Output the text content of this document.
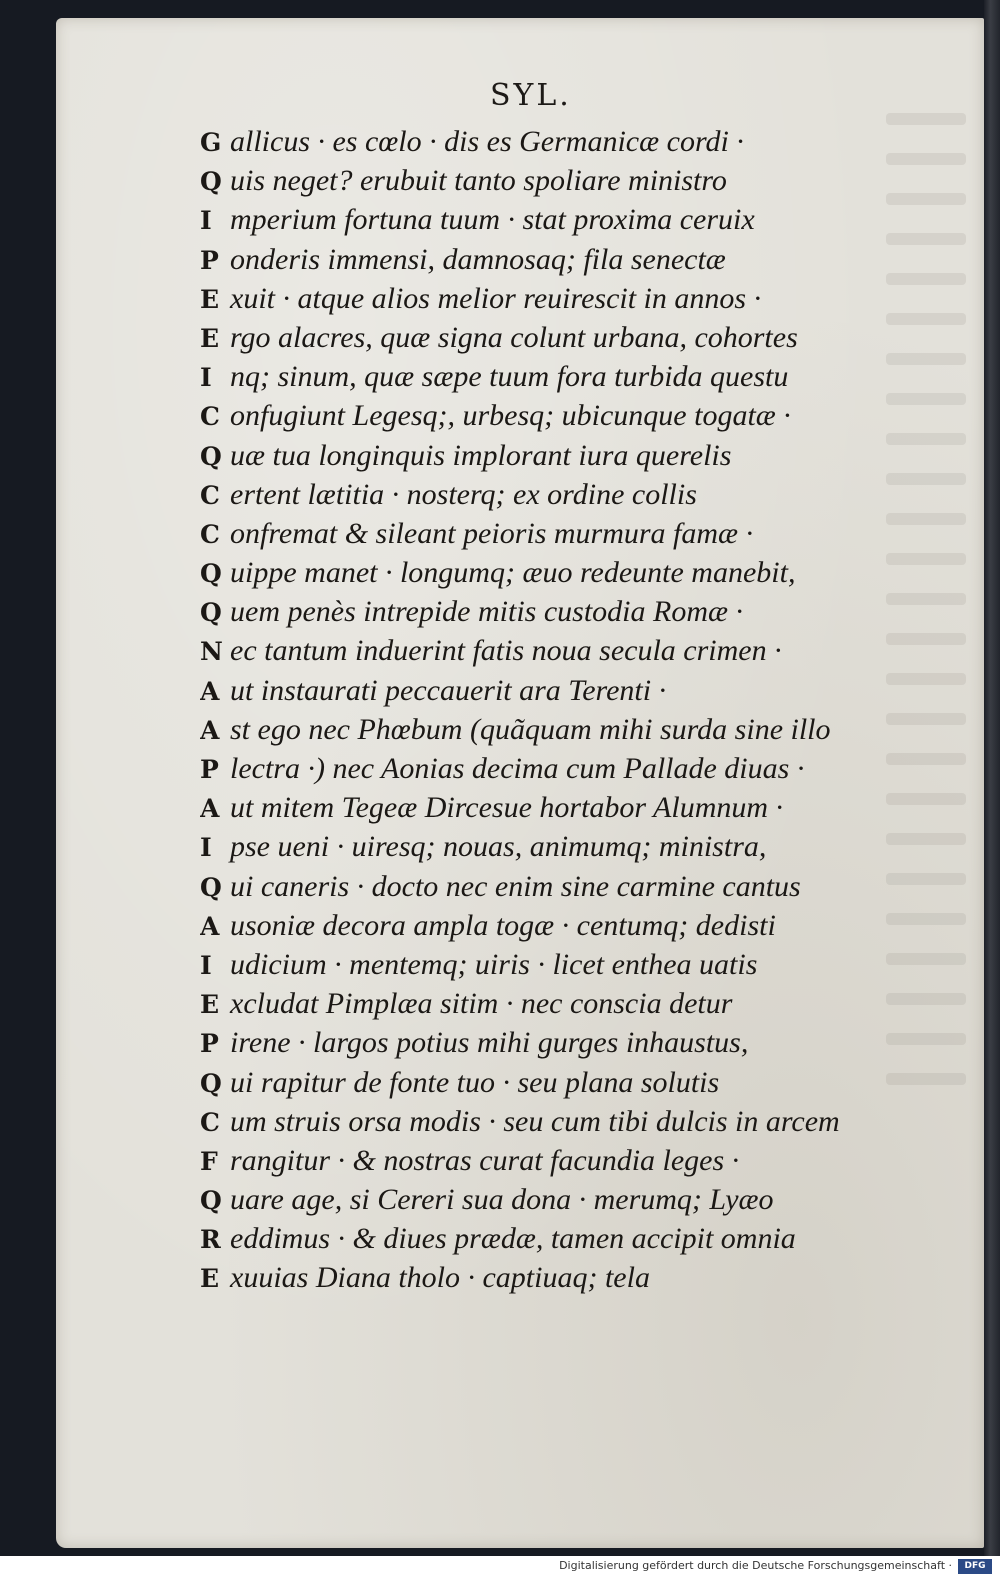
SYL.
G allicus · es cœlo · dis es Germanicæ cordi ·
Q uis neget? erubuit tanto spoliare ministro
I mperium fortuna tuum · stat proxima ceruix
P onderis immensi, damnosaq; fila senectæ
E xuit · atque alios melior reuirescit in annos ·
E rgo alacres, quæ signa colunt urbana, cohortes
I nq; sinum, quæ sæpe tuum fora turbida questu
C onfugiunt Legesq;, urbesq; ubicunque togatæ ·
Q uæ tua longinquis implorant iura querelis
C ertent lætitia · nosterq; ex ordine collis
C onfremat & sileant peioris murmura famæ ·
Q uippe manet · longumq; æuo redeunte manebit,
Q uem penès intrepide mitis custodia Romæ ·
N ec tantum induerint fatis noua secula crimen ·
A ut instaurati peccauerit ara Terenti ·
A st ego nec Phœbum (quãquam mihi surda sine illo
P lectra ·) nec Aonias decima cum Pallade diuas ·
A ut mitem Tegeæ Dircesue hortabor Alumnum ·
I pse ueni · uiresq; nouas, animumq; ministra,
Q ui caneris · docto nec enim sine carmine cantus
A usoniæ decora ampla togæ · centumq; dedisti
I udicium · mentemq; uiris · licet enthea uatis
E xcludat Pimplæa sitim · nec conscia detur
P irene · largos potius mihi gurges inhaustus,
Q ui rapitur de fonte tuo · seu plana solutis
C um struis orsa modis · seu cum tibi dulcis in arcem
F rangitur · & nostras curat facundia leges ·
Q uare age, si Cereri sua dona · merumq; Lyæo
R eddimus · & diues prædæ, tamen accipit omnia
E xuuias Diana tholo · captiuaq; tela
Digitalisierung gefördert durch die Deutsche Forschungsgemeinschaft ·	DFG
